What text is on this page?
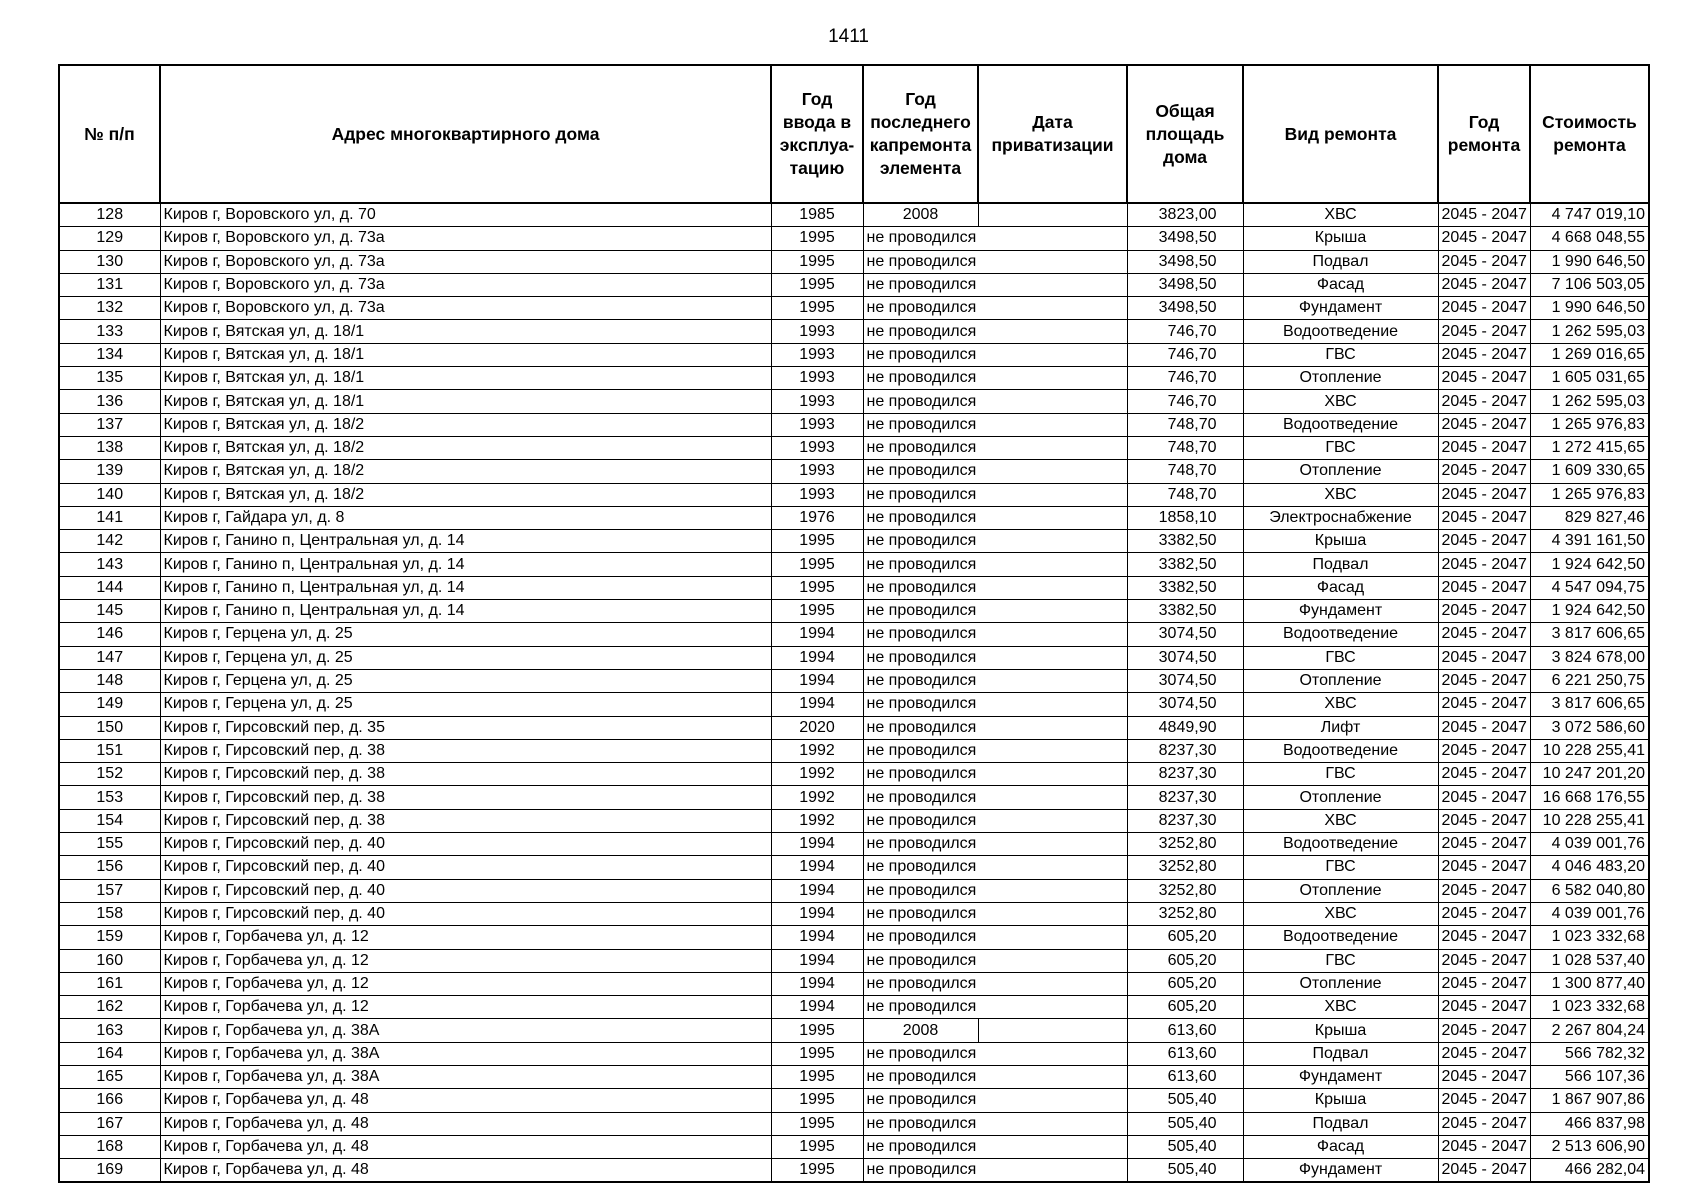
1411
№ п/п	Адрес многоквартирного дома	Год ввода в эксплуа-тацию	Год последнего капремонта элемента	Дата приватизации	Общая площадь дома	Вид ремонта	Год ремонта	Стоимость ремонта
128	Киров г, Воровского ул, д. 70	1985	2008		3823,00	ХВС	2045 - 2047	4 747 019,10
129	Киров г, Воровского ул, д. 73а	1995	не проводился		3498,50	Крыша	2045 - 2047	4 668 048,55
130	Киров г, Воровского ул, д. 73а	1995	не проводился		3498,50	Подвал	2045 - 2047	1 990 646,50
131	Киров г, Воровского ул, д. 73а	1995	не проводился		3498,50	Фасад	2045 - 2047	7 106 503,05
132	Киров г, Воровского ул, д. 73а	1995	не проводился		3498,50	Фундамент	2045 - 2047	1 990 646,50
133	Киров г, Вятская ул, д. 18/1	1993	не проводился		746,70	Водоотведение	2045 - 2047	1 262 595,03
134	Киров г, Вятская ул, д. 18/1	1993	не проводился		746,70	ГВС	2045 - 2047	1 269 016,65
135	Киров г, Вятская ул, д. 18/1	1993	не проводился		746,70	Отопление	2045 - 2047	1 605 031,65
136	Киров г, Вятская ул, д. 18/1	1993	не проводился		746,70	ХВС	2045 - 2047	1 262 595,03
137	Киров г, Вятская ул, д. 18/2	1993	не проводился		748,70	Водоотведение	2045 - 2047	1 265 976,83
138	Киров г, Вятская ул, д. 18/2	1993	не проводился		748,70	ГВС	2045 - 2047	1 272 415,65
139	Киров г, Вятская ул, д. 18/2	1993	не проводился		748,70	Отопление	2045 - 2047	1 609 330,65
140	Киров г, Вятская ул, д. 18/2	1993	не проводился		748,70	ХВС	2045 - 2047	1 265 976,83
141	Киров г, Гайдара ул, д. 8	1976	не проводился		1858,10	Электроснабжение	2045 - 2047	829 827,46
142	Киров г, Ганино п, Центральная ул, д. 14	1995	не проводился		3382,50	Крыша	2045 - 2047	4 391 161,50
143	Киров г, Ганино п, Центральная ул, д. 14	1995	не проводился		3382,50	Подвал	2045 - 2047	1 924 642,50
144	Киров г, Ганино п, Центральная ул, д. 14	1995	не проводился		3382,50	Фасад	2045 - 2047	4 547 094,75
145	Киров г, Ганино п, Центральная ул, д. 14	1995	не проводился		3382,50	Фундамент	2045 - 2047	1 924 642,50
146	Киров г, Герцена ул, д. 25	1994	не проводился		3074,50	Водоотведение	2045 - 2047	3 817 606,65
147	Киров г, Герцена ул, д. 25	1994	не проводился		3074,50	ГВС	2045 - 2047	3 824 678,00
148	Киров г, Герцена ул, д. 25	1994	не проводился		3074,50	Отопление	2045 - 2047	6 221 250,75
149	Киров г, Герцена ул, д. 25	1994	не проводился		3074,50	ХВС	2045 - 2047	3 817 606,65
150	Киров г, Гирсовский пер, д. 35	2020	не проводился		4849,90	Лифт	2045 - 2047	3 072 586,60
151	Киров г, Гирсовский пер, д. 38	1992	не проводился		8237,30	Водоотведение	2045 - 2047	10 228 255,41
152	Киров г, Гирсовский пер, д. 38	1992	не проводился		8237,30	ГВС	2045 - 2047	10 247 201,20
153	Киров г, Гирсовский пер, д. 38	1992	не проводился		8237,30	Отопление	2045 - 2047	16 668 176,55
154	Киров г, Гирсовский пер, д. 38	1992	не проводился		8237,30	ХВС	2045 - 2047	10 228 255,41
155	Киров г, Гирсовский пер, д. 40	1994	не проводился		3252,80	Водоотведение	2045 - 2047	4 039 001,76
156	Киров г, Гирсовский пер, д. 40	1994	не проводился		3252,80	ГВС	2045 - 2047	4 046 483,20
157	Киров г, Гирсовский пер, д. 40	1994	не проводился		3252,80	Отопление	2045 - 2047	6 582 040,80
158	Киров г, Гирсовский пер, д. 40	1994	не проводился		3252,80	ХВС	2045 - 2047	4 039 001,76
159	Киров г, Горбачева ул, д. 12	1994	не проводился		605,20	Водоотведение	2045 - 2047	1 023 332,68
160	Киров г, Горбачева ул, д. 12	1994	не проводился		605,20	ГВС	2045 - 2047	1 028 537,40
161	Киров г, Горбачева ул, д. 12	1994	не проводился		605,20	Отопление	2045 - 2047	1 300 877,40
162	Киров г, Горбачева ул, д. 12	1994	не проводился		605,20	ХВС	2045 - 2047	1 023 332,68
163	Киров г, Горбачева ул, д. 38А	1995	2008		613,60	Крыша	2045 - 2047	2 267 804,24
164	Киров г, Горбачева ул, д. 38А	1995	не проводился		613,60	Подвал	2045 - 2047	566 782,32
165	Киров г, Горбачева ул, д. 38А	1995	не проводился		613,60	Фундамент	2045 - 2047	566 107,36
166	Киров г, Горбачева ул, д. 48	1995	не проводился		505,40	Крыша	2045 - 2047	1 867 907,86
167	Киров г, Горбачева ул, д. 48	1995	не проводился		505,40	Подвал	2045 - 2047	466 837,98
168	Киров г, Горбачева ул, д. 48	1995	не проводился		505,40	Фасад	2045 - 2047	2 513 606,90
169	Киров г, Горбачева ул, д. 48	1995	не проводился		505,40	Фундамент	2045 - 2047	466 282,04
